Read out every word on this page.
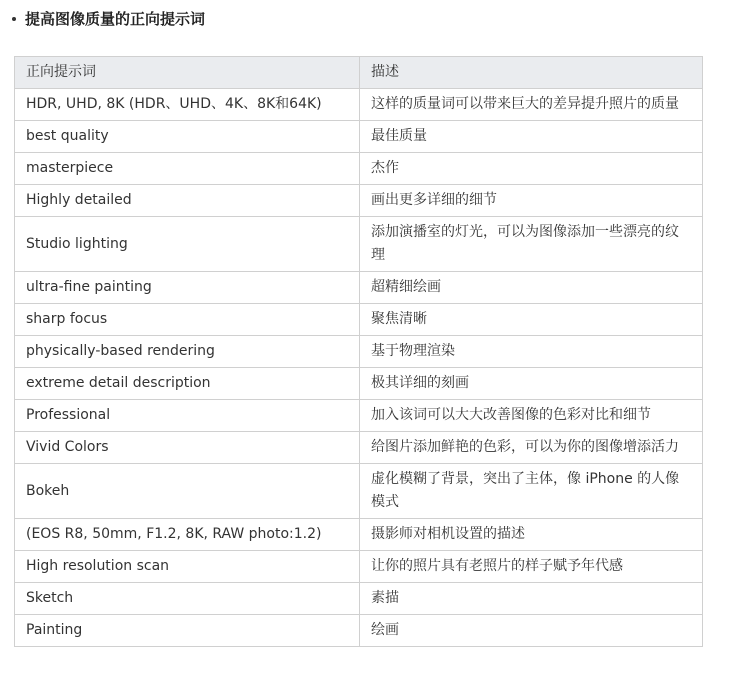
提高图像质量的正向提示词
正向提示词	描述
HDR, UHD, 8K (HDR、UHD、4K、8K和64K)	这样的质量词可以带来巨大的差异提升照片的质量
best quality	最佳质量
masterpiece	杰作
Highly detailed	画出更多详细的细节
Studio lighting	添加演播室的灯光，可以为图像添加一些漂亮的纹理
ultra-fine painting	超精细绘画
sharp focus	聚焦清晰
physically-based rendering	基于物理渲染
extreme detail description	极其详细的刻画
Professional	加入该词可以大大改善图像的色彩对比和细节
Vivid Colors	给图片添加鲜艳的色彩，可以为你的图像增添活力
Bokeh	虚化模糊了背景，突出了主体，像 iPhone 的人像模式
(EOS R8, 50mm, F1.2, 8K, RAW photo:1.2)	摄影师对相机设置的描述
High resolution scan	让你的照片具有老照片的样子赋予年代感
Sketch	素描
Painting	绘画
